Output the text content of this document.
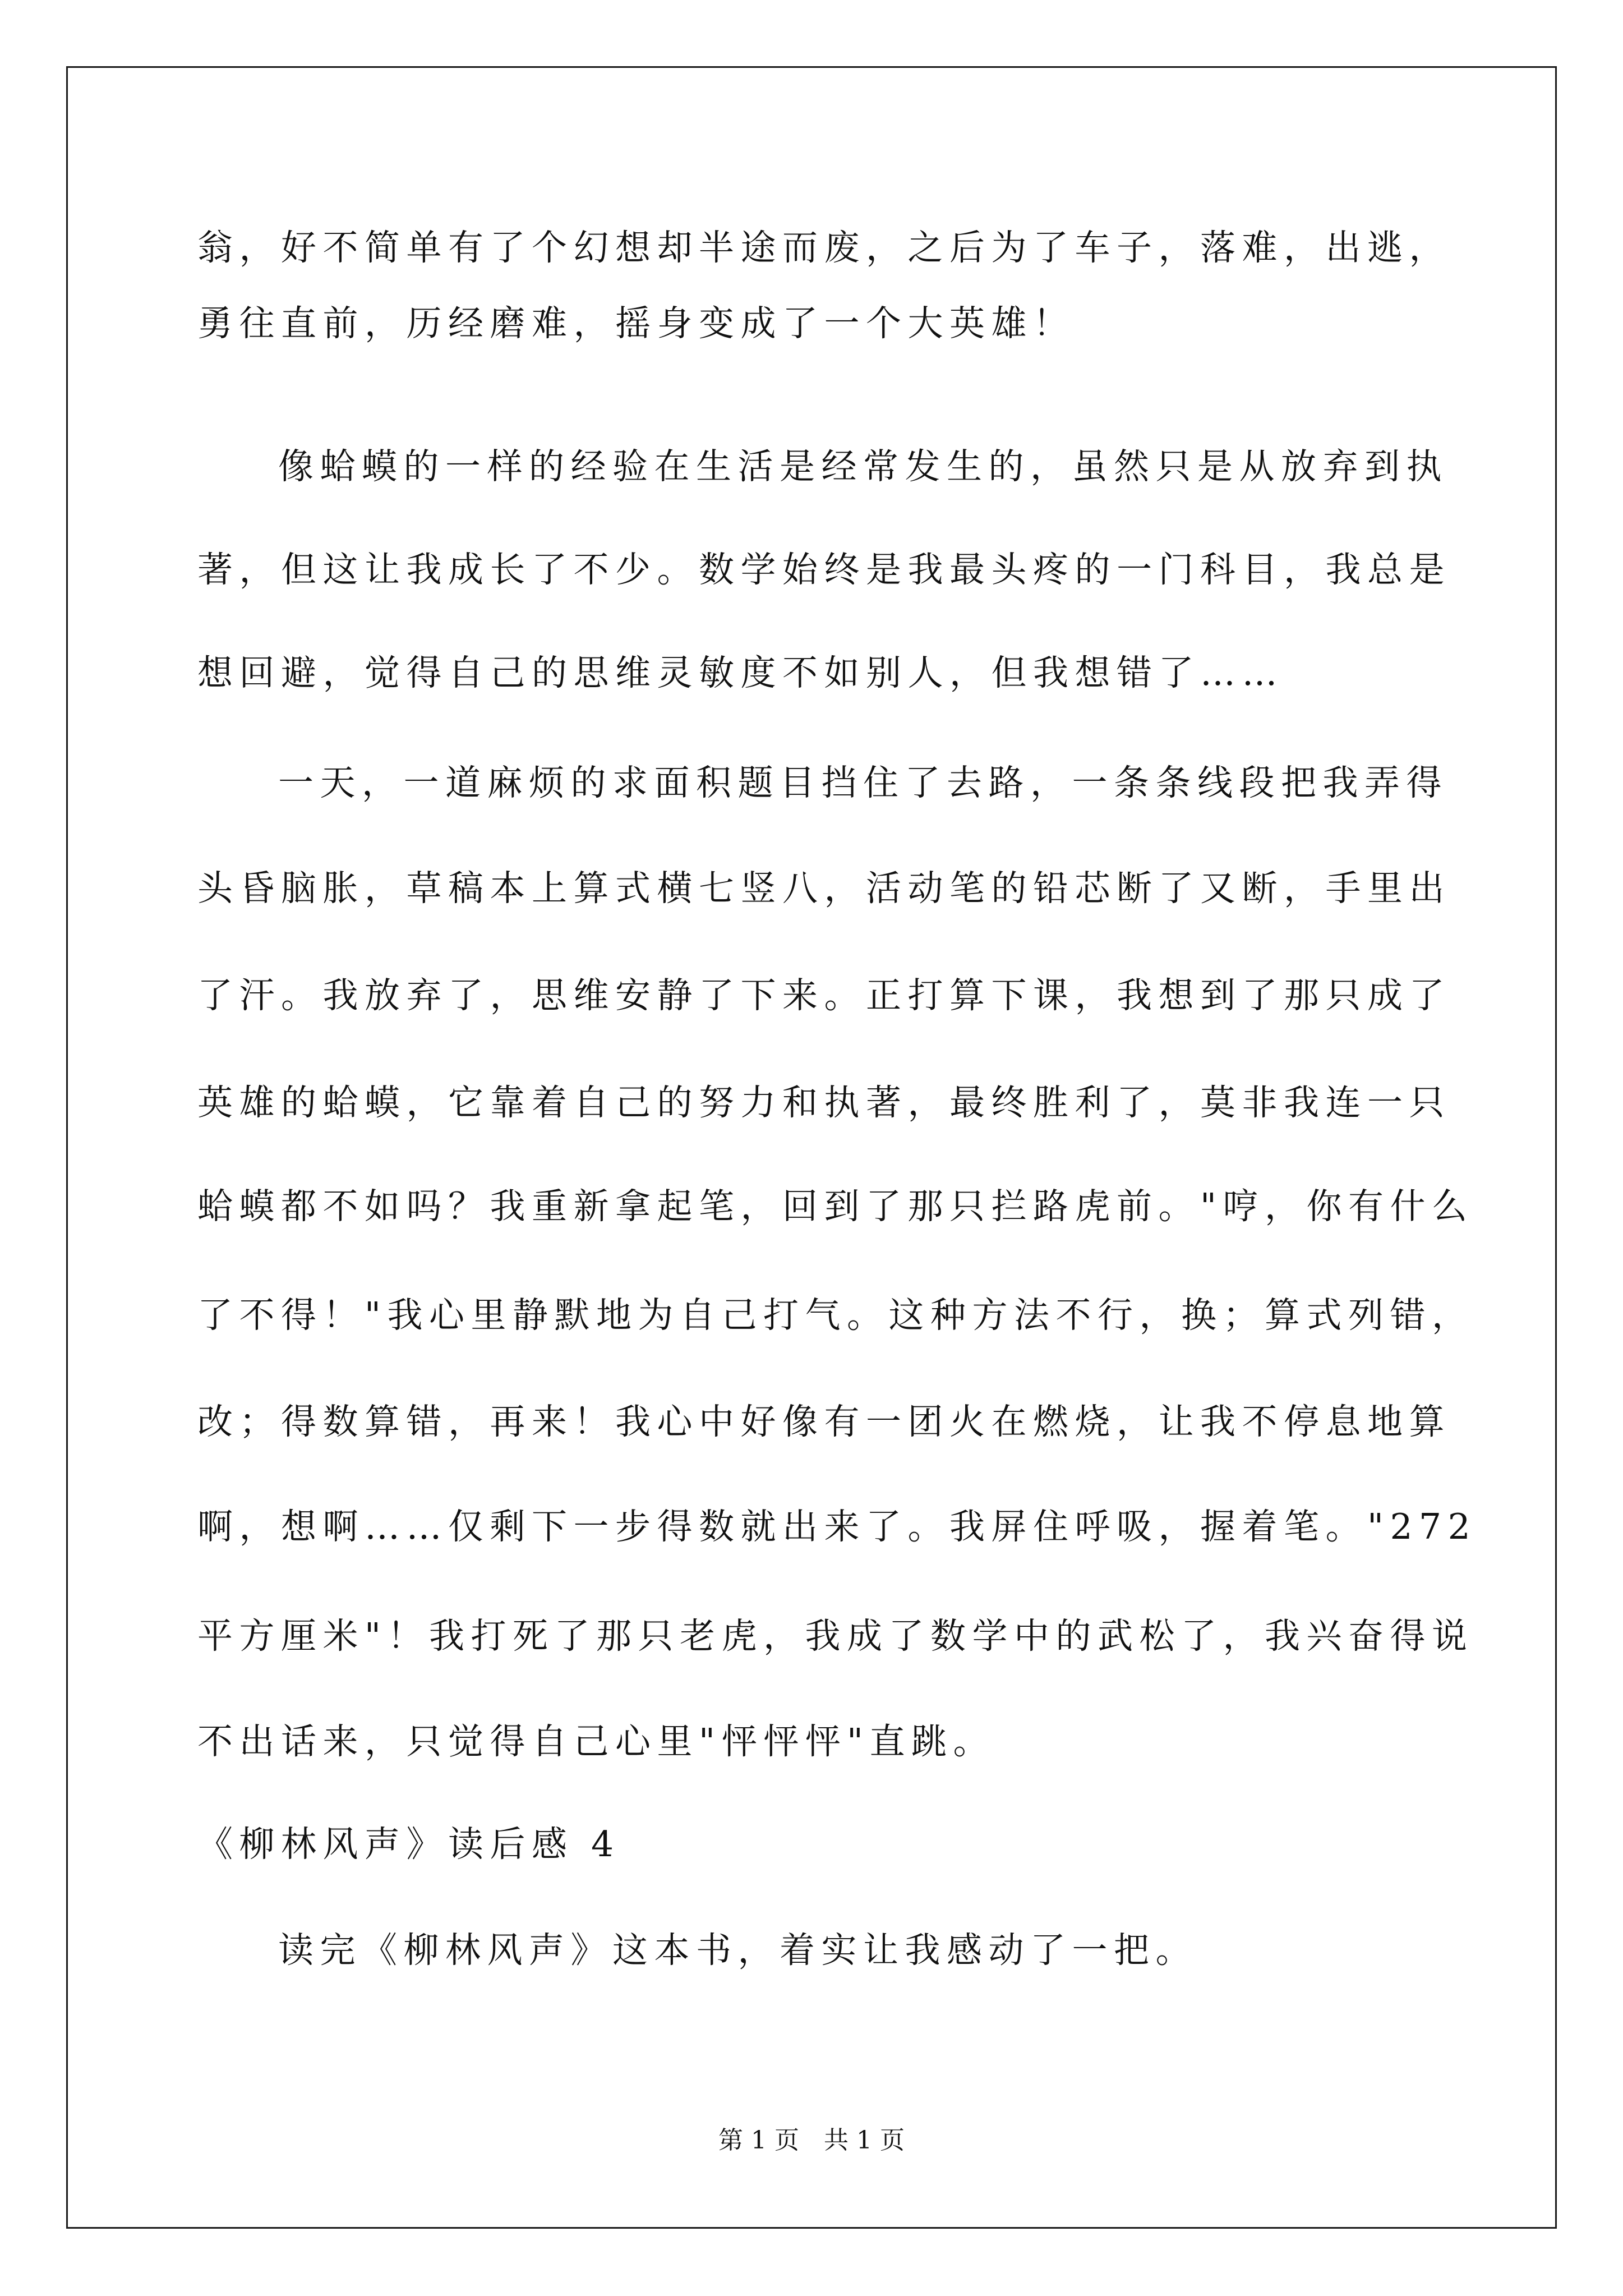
翁，好不简单有了个幻想却半途而废，之后为了车子，落难，出逃，
勇往直前，历经磨难，摇身变成了一个大英雄！
像蛤蟆的一样的经验在生活是经常发生的，虽然只是从放弃到执
著，但这让我成长了不少。数学始终是我最头疼的一门科目，我总是
想回避，觉得自己的思维灵敏度不如别人，但我想错了……
一天，一道麻烦的求面积题目挡住了去路，一条条线段把我弄得
头昏脑胀，草稿本上算式横七竖八，活动笔的铅芯断了又断，手里出
了汗。我放弃了，思维安静了下来。正打算下课，我想到了那只成了
英雄的蛤蟆，它靠着自己的努力和执著，最终胜利了，莫非我连一只
蛤蟆都不如吗？我重新拿起笔，回到了那只拦路虎前。"哼，你有什么
了不得！"我心里静默地为自己打气。这种方法不行，换；算式列错，
改；得数算错，再来！我心中好像有一团火在燃烧，让我不停息地算
啊，想啊……仅剩下一步得数就出来了。我屏住呼吸，握着笔。"272
平方厘米"！我打死了那只老虎，我成了数学中的武松了，我兴奋得说
不出话来，只觉得自己心里"怦怦怦"直跳。
《柳林风声》读后感 4
读完《柳林风声》这本书，着实让我感动了一把。
第 1 页 共 1 页
